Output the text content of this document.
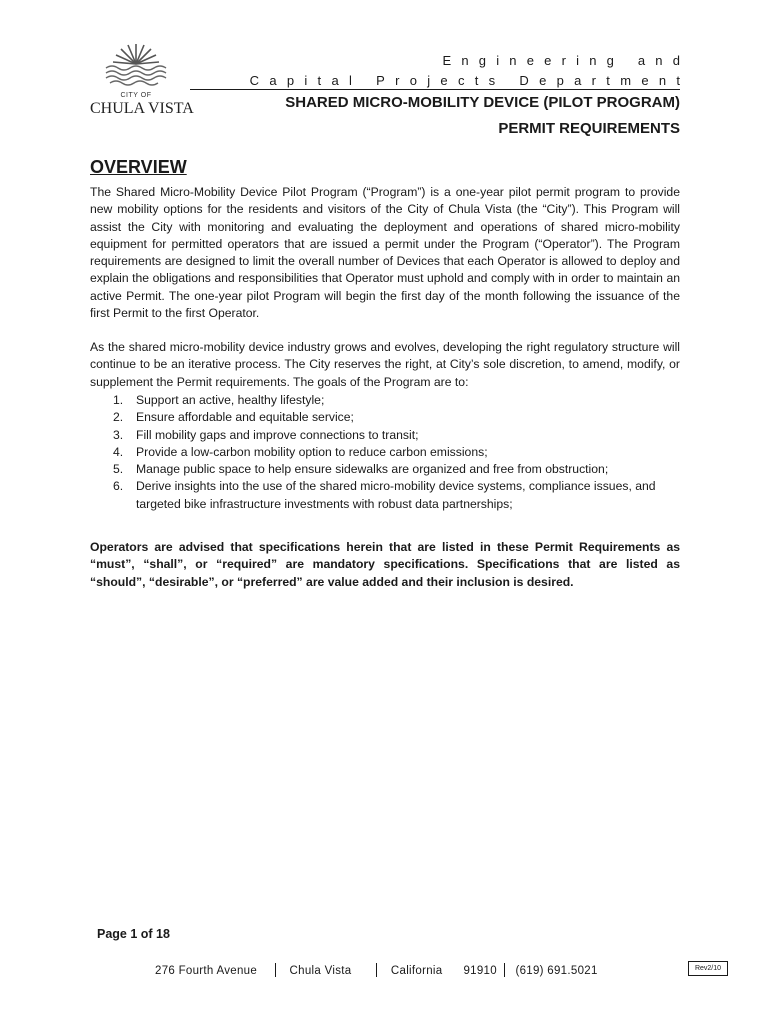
CITY OF
CHULA VISTA
Engineering and
Capital Projects Department
SHARED MICRO-MOBILITY DEVICE (PILOT PROGRAM)
PERMIT REQUIREMENTS
OVERVIEW

The Shared Micro-Mobility Device Pilot Program (“Program”) is a one-year pilot permit program to provide new mobility options for the residents and visitors of the City of Chula Vista (the “City”). This Program will assist the City with monitoring and evaluating the deployment and operations of shared micro-mobility equipment for permitted operators that are issued a permit under the Program (“Operator”). The Program requirements are designed to limit the overall number of Devices that each Operator is allowed to deploy and explain the obligations and responsibilities that Operator must uphold and comply with in order to maintain an active Permit. The one-year pilot Program will begin the first day of the month following the issuance of the first Permit to the first Operator.

As the shared micro-mobility device industry grows and evolves, developing the right regulatory structure will continue to be an iterative process. The City reserves the right, at City’s sole discretion, to amend, modify, or supplement the Permit requirements. The goals of the Program are to:

1. Support an active, healthy lifestyle;
2. Ensure affordable and equitable service;
3. Fill mobility gaps and improve connections to transit;
4. Provide a low-carbon mobility option to reduce carbon emissions;
5. Manage public space to help ensure sidewalks are organized and free from obstruction;
6. Derive insights into the use of the shared micro-mobility device systems, compliance issues, and targeted bike infrastructure investments with robust data partnerships;

Operators are advised that specifications herein that are listed in these Permit Requirements as “must”, “shall”, or “required” are mandatory specifications. Specifications that are listed as “should”, “desirable”, or “preferred” are value added and their inclusion is desired.

Page 1 of 18
276 Fourth Avenue	Chula Vista	California 91910 (619) 691.5021	Rev2/10
